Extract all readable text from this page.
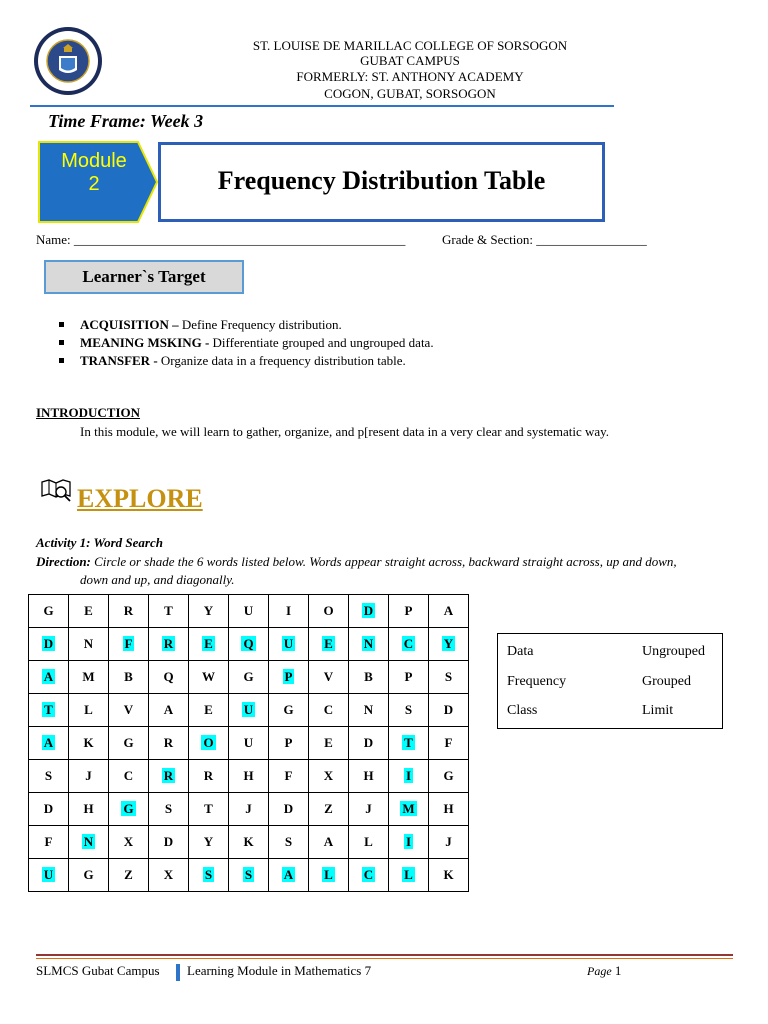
ST. LOUISE DE MARILLAC COLLEGE OF SORSOGON
GUBAT CAMPUS
FORMERLY: ST. ANTHONY ACADEMY
COGON, GUBAT, SORSOGON
Time Frame: Week 3
Module
2	Frequency Distribution Table
Name: ___________________________________________________	Grade & Section: _________________
Learner`s Target
ACQUISITION – Define Frequency distribution.
MEANING MSKING - Differentiate grouped and ungrouped data.
TRANSFER - Organize data in a frequency distribution table.
INTRODUCTION
In this module, we will learn to gather, organize, and p[resent data in a very clear and systematic way.
EXPLORE
Activity 1: Word Search
Direction: Circle or shade the 6 words listed below. Words appear straight across, backward straight across, up and down,
down and up, and diagonally.
G	E	R	T	Y	U	I	O	D	P	A
D	N	F	R	E	Q	U	E	N	C	Y
A	M	B	Q	W	G	P	V	B	P	S
T	L	V	A	E	U	G	C	N	S	D
A	K	G	R	O	U	P	E	D	T	F
S	J	C	R	R	H	F	X	H	I	G
D	H	G	S	T	J	D	Z	J	M	H
F	N	X	D	Y	K	S	A	L	I	J
U	G	Z	X	S	S	A	L	C	L	K
Data	Ungrouped
Frequency	Grouped
Class	Limit
SLMCS Gubat Campus Learning Module in Mathematics 7	Page 1
